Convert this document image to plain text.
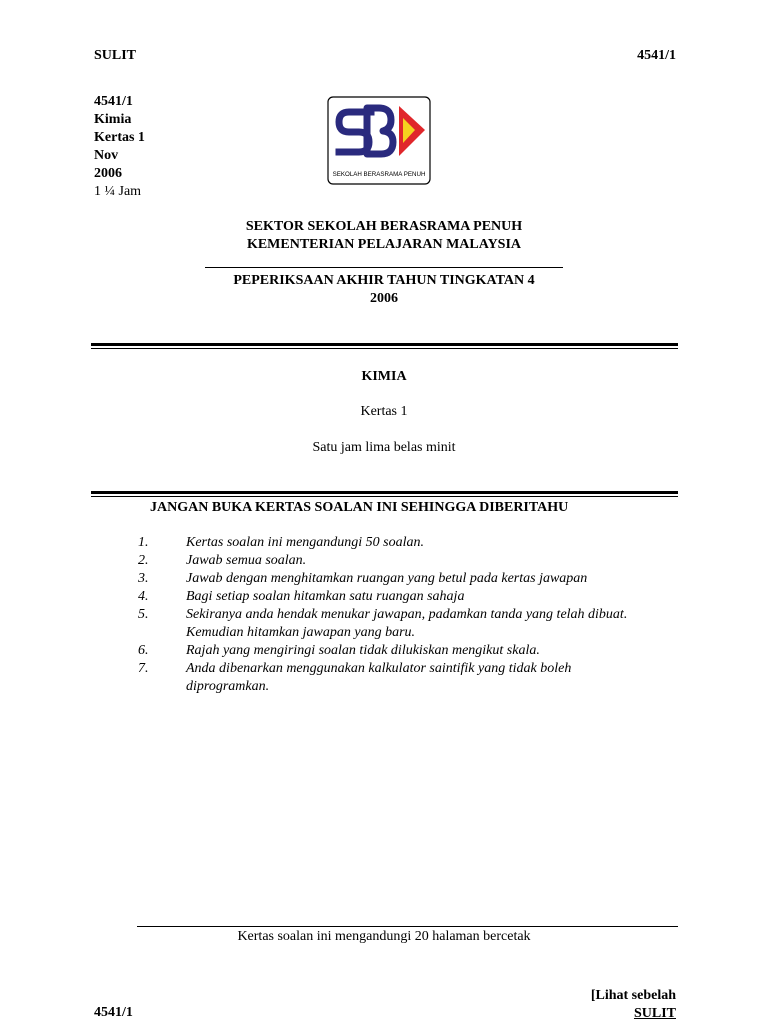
SULIT	4541/1
4541/1
Kimia
Kertas 1
Nov
2006
1 ¼ Jam
SEKOLAH BERASRAMA PENUH
SEKTOR SEKOLAH BERASRAMA PENUH
KEMENTERIAN PELAJARAN MALAYSIA
PEPERIKSAAN AKHIR TAHUN TINGKATAN 4
2006
KIMIA
Kertas 1
Satu jam lima belas minit
JANGAN BUKA KERTAS SOALAN INI SEHINGGA DIBERITAHU
1.	Kertas soalan ini mengandungi 50 soalan.
2.	Jawab semua soalan.
3.	Jawab dengan menghitamkan ruangan yang betul pada kertas jawapan
4.	Bagi setiap soalan hitamkan satu ruangan sahaja
5.	Sekiranya anda hendak menukar jawapan, padamkan tanda yang telah dibuat.
Kemudian hitamkan jawapan yang baru.
6.	Rajah yang mengiringi soalan tidak dilukiskan mengikut skala.
7.	Anda dibenarkan menggunakan kalkulator saintifik yang tidak boleh
diprogramkan.
Kertas soalan ini mengandungi 20 halaman bercetak
[Lihat sebelah
SULIT
4541/1
